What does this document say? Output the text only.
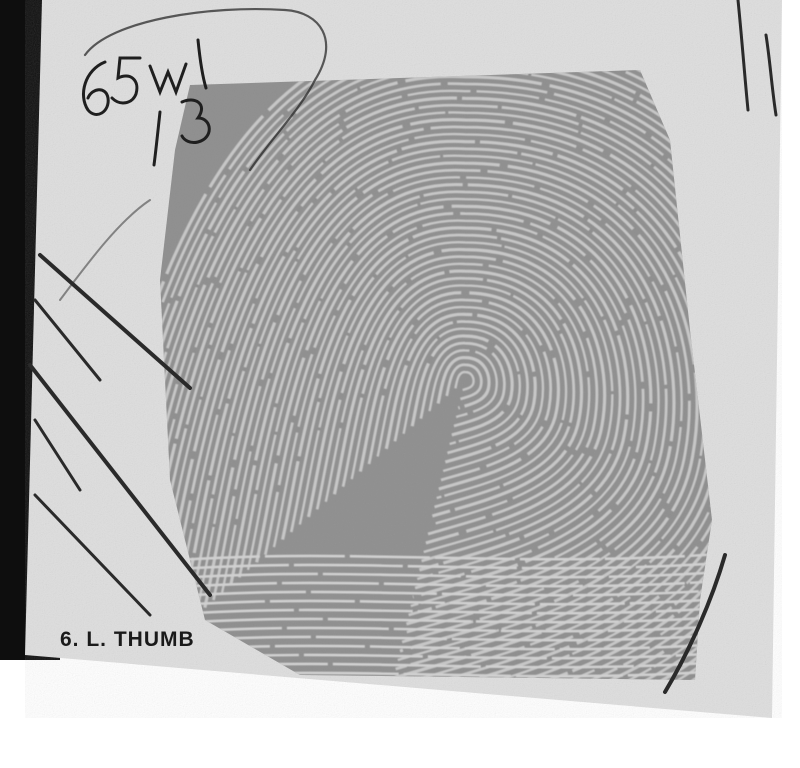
6. L. THUMB
